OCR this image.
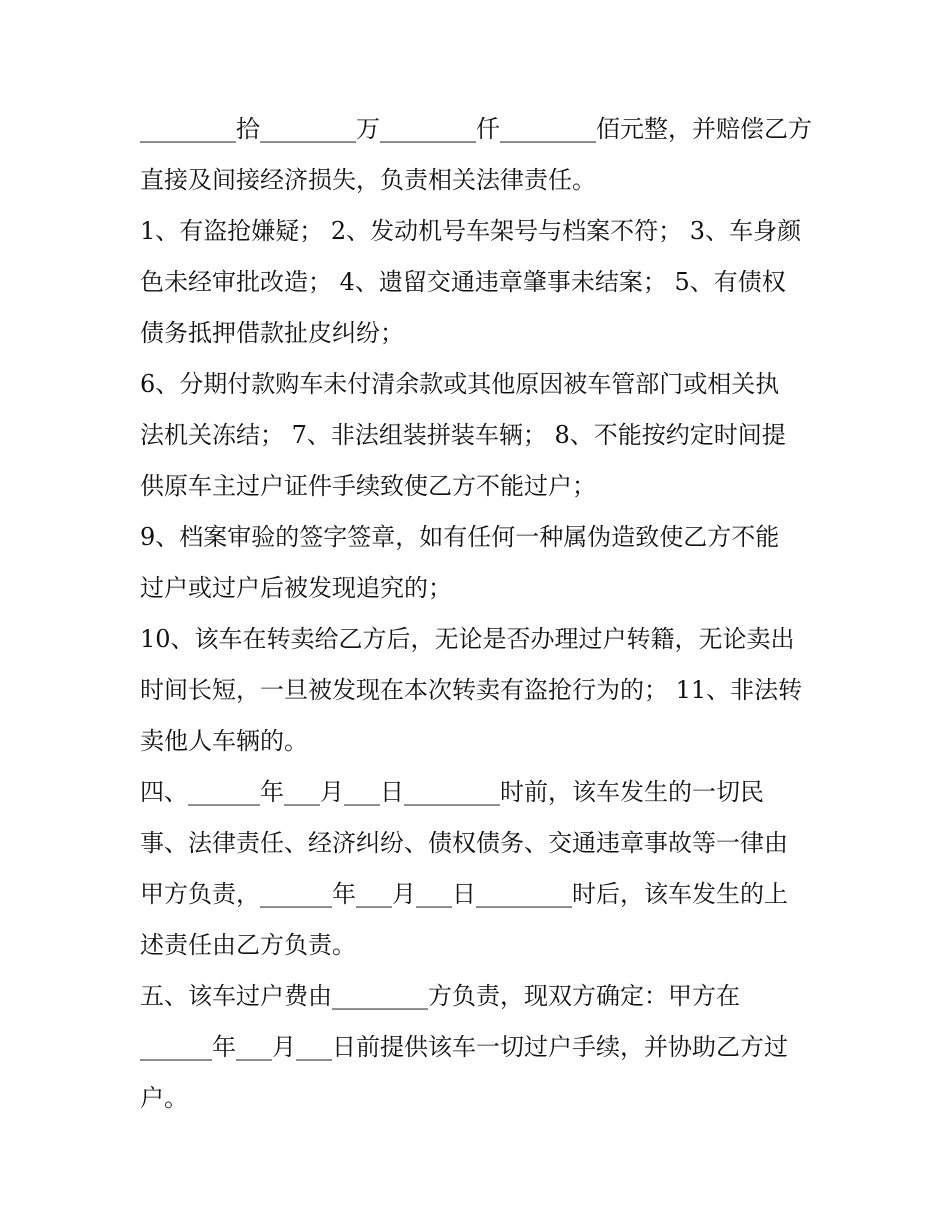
________拾________万________仟________佰元整，并赔偿乙方
直接及间接经济损失，负责相关法律责任。
1、有盗抢嫌疑； 2、发动机号车架号与档案不符； 3、车身颜
色未经审批改造； 4、遗留交通违章肇事未结案； 5、有债权
债务抵押借款扯皮纠纷；
6、分期付款购车未付清余款或其他原因被车管部门或相关执
法机关冻结； 7、非法组装拼装车辆； 8、不能按约定时间提
供原车主过户证件手续致使乙方不能过户；
9、档案审验的签字签章，如有任何一种属伪造致使乙方不能
过户或过户后被发现追究的；
10、该车在转卖给乙方后，无论是否办理过户转籍，无论卖出
时间长短，一旦被发现在本次转卖有盗抢行为的； 11、非法转
卖他人车辆的。
四、______年___月___日________时前，该车发生的一切民
事、法律责任、经济纠纷、债权债务、交通违章事故等一律由
甲方负责，______年___月___日________时后，该车发生的上
述责任由乙方负责。
五、该车过户费由________方负责，现双方确定：甲方在
______年___月___日前提供该车一切过户手续，并协助乙方过
户。
